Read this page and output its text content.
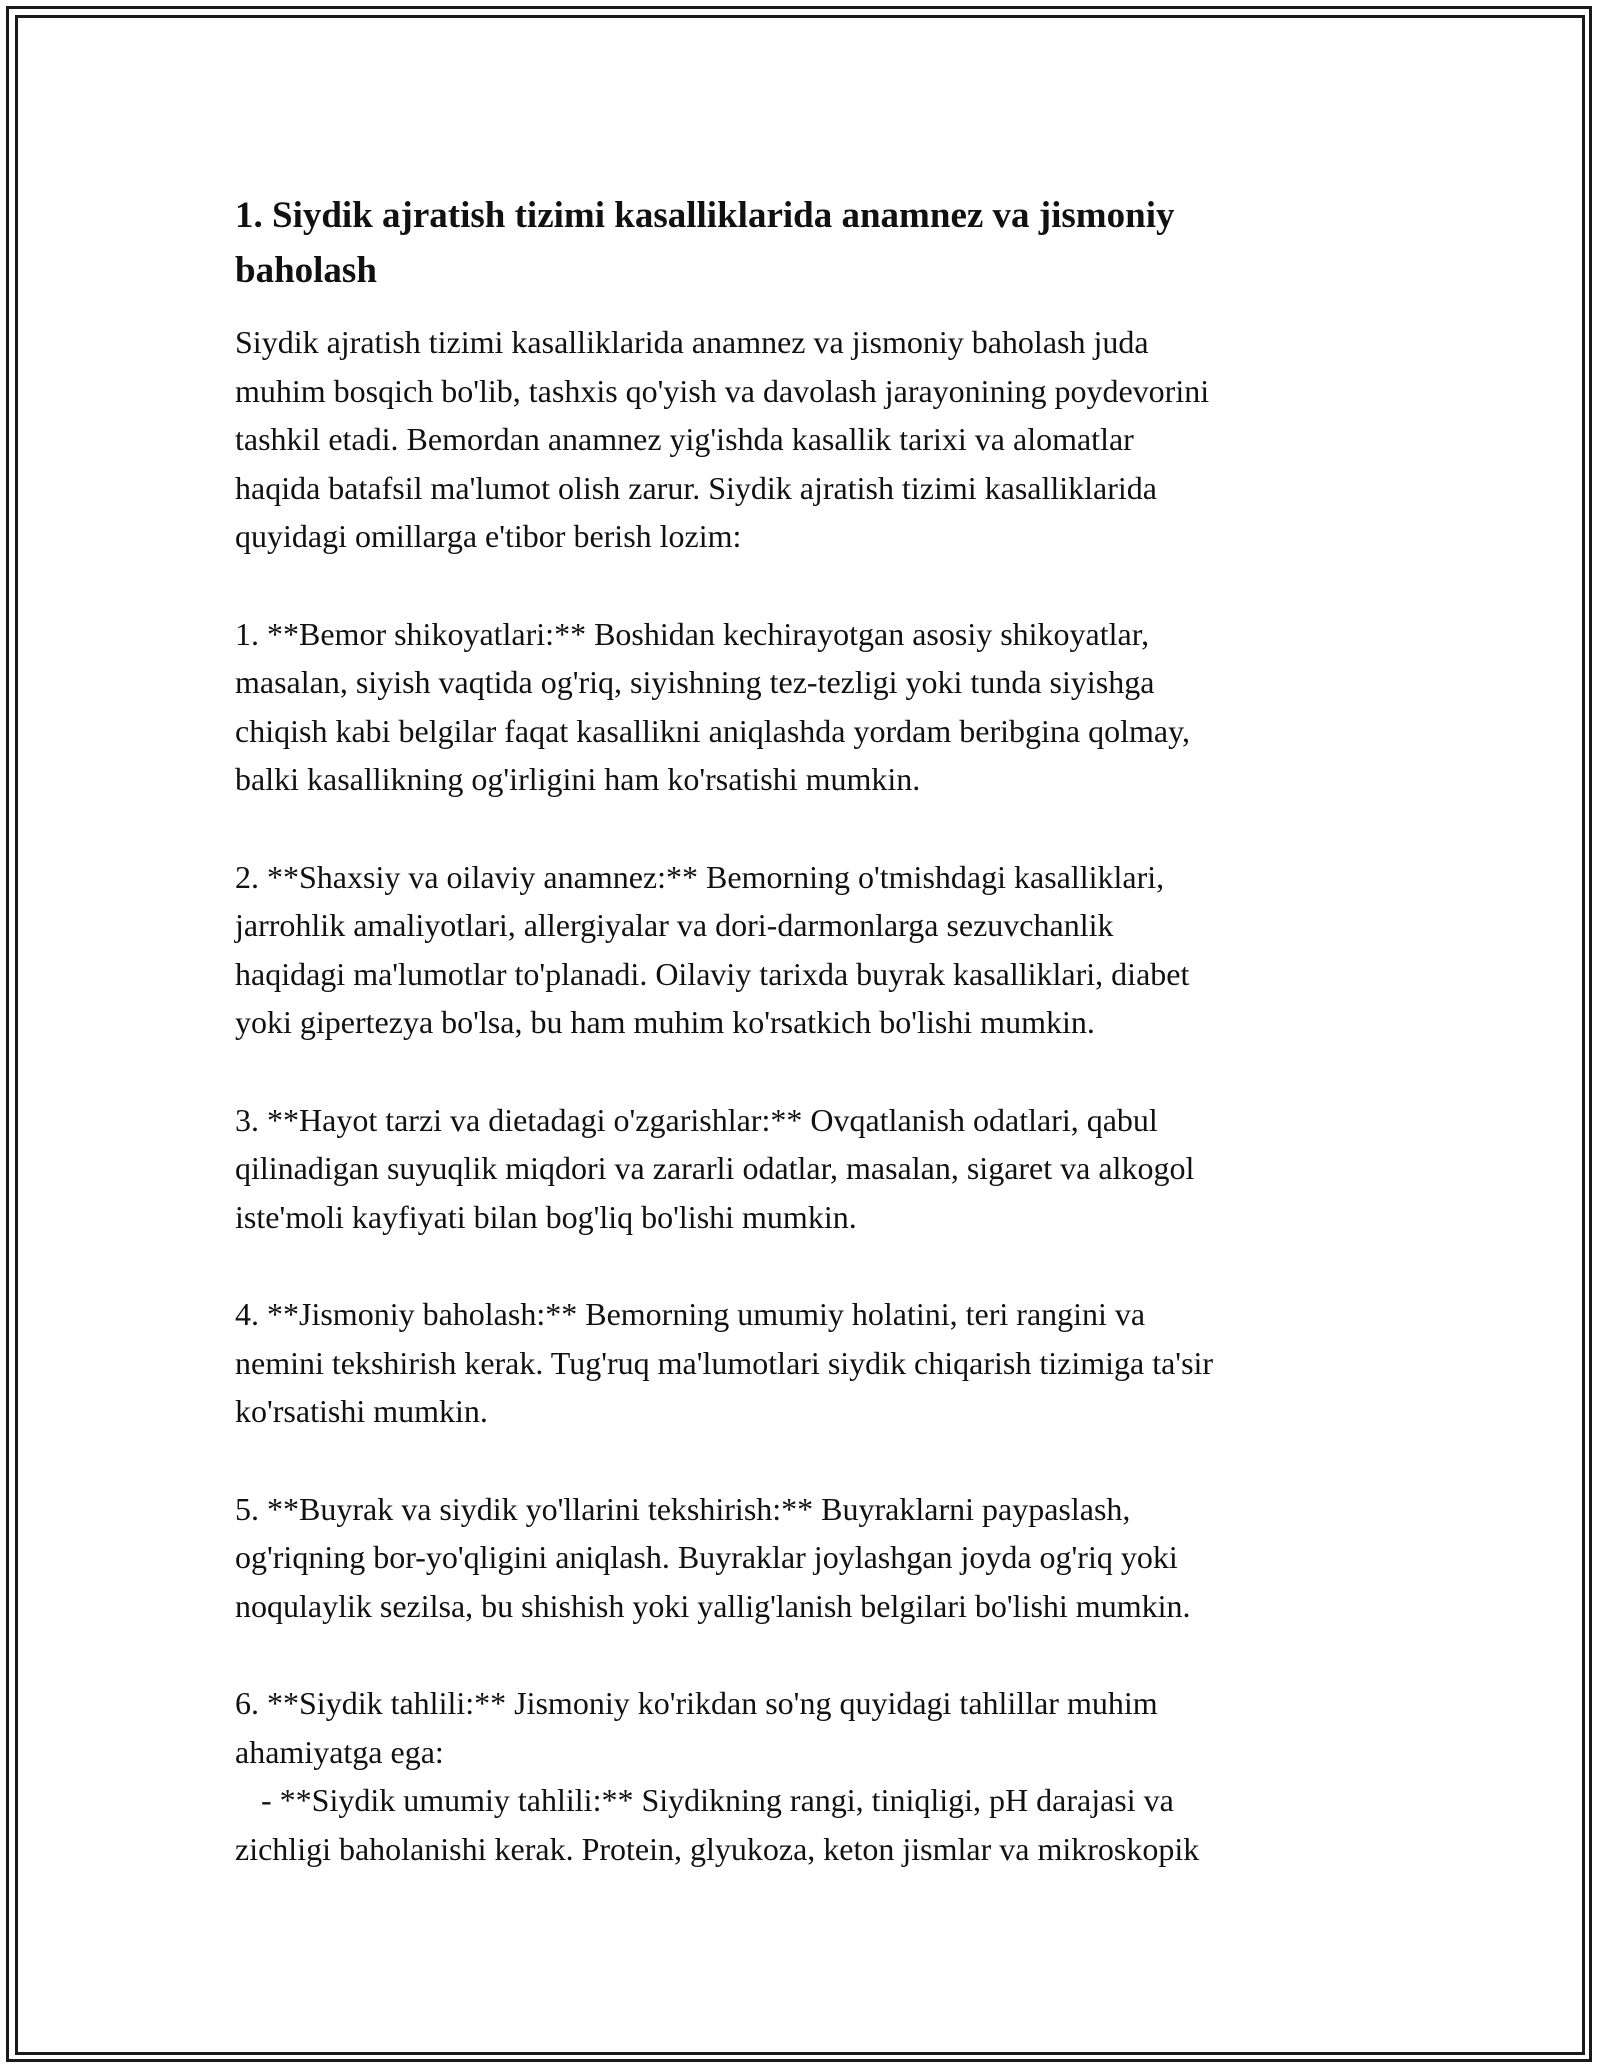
1. Siydik ajratish tizimi kasalliklarida anamnez va jismoniy
baholash
Siydik ajratish tizimi kasalliklarida anamnez va jismoniy baholash juda
muhim bosqich bo'lib, tashxis qo'yish va davolash jarayonining poydevorini
tashkil etadi. Bemordan anamnez yig'ishda kasallik tarixi va alomatlar
haqida batafsil ma'lumot olish zarur. Siydik ajratish tizimi kasalliklarida
quyidagi omillarga e'tibor berish lozim:
1. **Bemor shikoyatlari:** Boshidan kechirayotgan asosiy shikoyatlar,
masalan, siyish vaqtida og'riq, siyishning tez-tezligi yoki tunda siyishga
chiqish kabi belgilar faqat kasallikni aniqlashda yordam beribgina qolmay,
balki kasallikning og'irligini ham ko'rsatishi mumkin.
2. **Shaxsiy va oilaviy anamnez:** Bemorning o'tmishdagi kasalliklari,
jarrohlik amaliyotlari, allergiyalar va dori-darmonlarga sezuvchanlik
haqidagi ma'lumotlar to'planadi. Oilaviy tarixda buyrak kasalliklari, diabet
yoki gipertezya bo'lsa, bu ham muhim ko'rsatkich bo'lishi mumkin.
3. **Hayot tarzi va dietadagi o'zgarishlar:** Ovqatlanish odatlari, qabul
qilinadigan suyuqlik miqdori va zararli odatlar, masalan, sigaret va alkogol
iste'moli kayfiyati bilan bog'liq bo'lishi mumkin.
4. **Jismoniy baholash:** Bemorning umumiy holatini, teri rangini va
nemini tekshirish kerak. Tug'ruq ma'lumotlari siydik chiqarish tizimiga ta'sir
ko'rsatishi mumkin.
5. **Buyrak va siydik yo'llarini tekshirish:** Buyraklarni paypaslash,
og'riqning bor-yo'qligini aniqlash. Buyraklar joylashgan joyda og'riq yoki
noqulaylik sezilsa, bu shishish yoki yallig'lanish belgilari bo'lishi mumkin.
6. **Siydik tahlili:** Jismoniy ko'rikdan so'ng quyidagi tahlillar muhim
ahamiyatga ega:
- **Siydik umumiy tahlili:** Siydikning rangi, tiniqligi, pH darajasi va
zichligi baholanishi kerak. Protein, glyukoza, keton jismlar va mikroskopik
